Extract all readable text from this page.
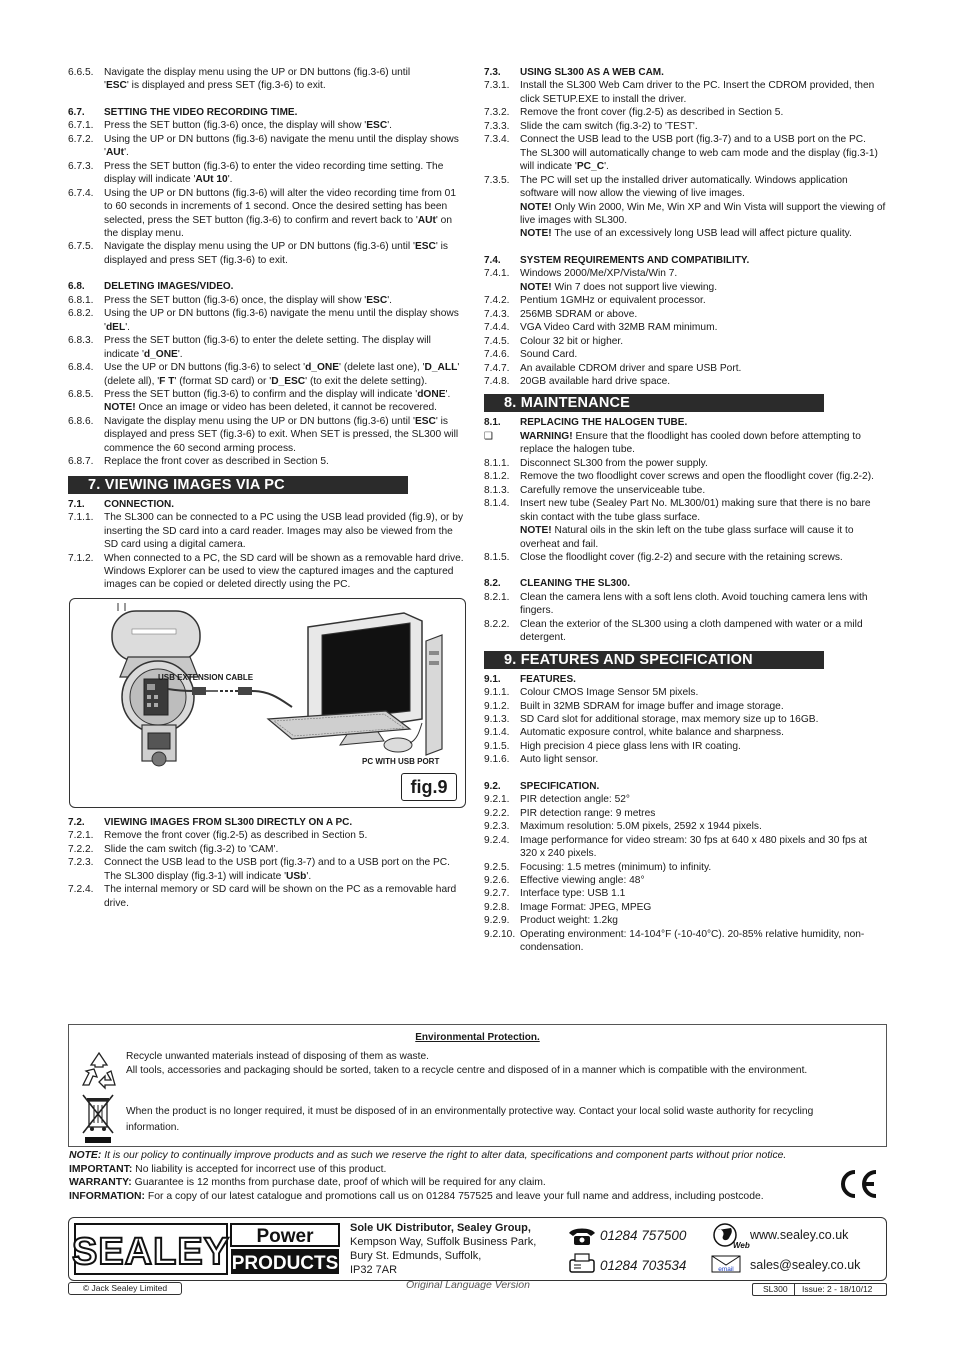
6.6.5.	Navigate the display menu using the UP or DN buttons (fig.3-6) until
'ESC' is displayed and press SET (fig.3-6) to exit.
6.7.	SETTING THE VIDEO RECORDING TIME.
6.7.1.	Press the SET button (fig.3-6) once, the display will show 'ESC'.
6.7.2.	Using the UP or DN buttons (fig.3-6) navigate the menu until the display shows 'AUt'.
6.7.3.	Press the SET button (fig.3-6) to enter the video recording time setting. The display will indicate 'AUt 10'.
6.7.4.	Using the UP or DN buttons (fig.3-6) will alter the video recording time from 01 to 60 seconds in increments of 1 second. Once the desired setting has been selected, press the SET button (fig.3-6) to confirm and revert back to 'AUt' on the display menu.
6.7.5.	Navigate the display menu using the UP or DN buttons (fig.3-6) until 'ESC' is displayed and press SET (fig.3-6) to exit.
6.8.	DELETING IMAGES/VIDEO.
6.8.1.	Press the SET button (fig.3-6) once, the display will show 'ESC'.
6.8.2.	Using the UP or DN buttons (fig.3-6) navigate the menu until the display shows 'dEL'.
6.8.3.	Press the SET button (fig.3-6) to enter the delete setting. The display will indicate 'd_ONE'.
6.8.4.	Use the UP or DN buttons (fig.3-6) to select 'd_ONE' (delete last one), 'D_ALL' (delete all), 'F T' (format SD card) or 'D_ESC' (to exit the delete setting).
6.8.5.	Press the SET button (fig.3-6) to confirm and the display will indicate 'dONE'.
NOTE! Once an image or video has been deleted, it cannot be recovered.
6.8.6.	Navigate the display menu using the UP or DN buttons (fig.3-6) until 'ESC' is displayed and press SET (fig.3-6) to exit. When SET is pressed, the SL300 will commence the 60 second arming process.
6.8.7.	Replace the front cover as described in Section 5.
7. VIEWING IMAGES VIA PC
7.1.	CONNECTION.
7.1.1.	The SL300 can be connected to a PC using the USB lead provided (fig.9), or by inserting the SD card into a card reader. Images may also be viewed from the SD card using a digital camera.
7.1.2.	When connected to a PC, the SD card will be shown as a removable hard drive. Windows Explorer can be used to view the captured images and the captured images can be copied or deleted directly using the PC.
USB EXTENSION CABLE
PC WITH USB PORT
fig.9
7.2.	VIEWING IMAGES FROM SL300 DIRECTLY ON A PC.
7.2.1.	Remove the front cover (fig.2-5) as described in Section 5.
7.2.2.	Slide the cam switch (fig.3-2) to 'CAM'.
7.2.3.	Connect the USB lead to the USB port (fig.3-7) and to a USB port on the PC. The SL300 display (fig.3-1) will indicate 'USb'.
7.2.4.	The internal memory or SD card will be shown on the PC as a removable hard drive.
7.3.	USING SL300 AS A WEB CAM.
7.3.1.	Install the SL300 Web Cam driver to the PC. Insert the CDROM provided, then click SETUP.EXE to install the driver.
7.3.2.	Remove the front cover (fig.2-5) as described in Section 5.
7.3.3.	Slide the cam switch (fig.3-2) to 'TEST'.
7.3.4.	Connect the USB lead to the USB port (fig.3-7) and to a USB port on the PC. The SL300 will automatically change to web cam mode and the display (fig.3-1) will indicate 'PC_C'.
7.3.5.	The PC will set up the installed driver automatically. Windows application software will now allow the viewing of live images.
NOTE! Only Win 2000, Win Me, Win XP and Win Vista will support the viewing of live images with SL300.
NOTE! The use of an excessively long USB lead will affect picture quality.
7.4.	SYSTEM REQUIREMENTS AND COMPATIBILITY.
7.4.1.	Windows 2000/Me/XP/Vista/Win 7.
NOTE! Win 7 does not support live viewing.
7.4.2.	Pentium 1GMHz or equivalent processor.
7.4.3.	256MB SDRAM or above.
7.4.4.	VGA Video Card with 32MB RAM minimum.
7.4.5.	Colour 32 bit or higher.
7.4.6.	Sound Card.
7.4.7.	An available CDROM driver and spare USB Port.
7.4.8.	20GB available hard drive space.
8. MAINTENANCE
8.1.	REPLACING THE HALOGEN TUBE.
❑	WARNING! Ensure that the floodlight has cooled down before attempting to replace the halogen tube.
8.1.1.	Disconnect SL300 from the power supply.
8.1.2.	Remove the two floodlight cover screws and open the floodlight cover (fig.2-2).
8.1.3.	Carefully remove the unserviceable tube.
8.1.4.	Insert new tube (Sealey Part No. ML300/01) making sure that there is no bare skin contact with the tube glass surface.
NOTE! Natural oils in the skin left on the tube glass surface will cause it to overheat and fail.
8.1.5.	Close the floodlight cover (fig.2-2) and secure with the retaining screws.
8.2.	CLEANING THE SL300.
8.2.1.	Clean the camera lens with a soft lens cloth. Avoid touching camera lens with fingers.
8.2.2.	Clean the exterior of the SL300 using a cloth dampened with water or a mild detergent.
9. FEATURES AND SPECIFICATION
9.1.	FEATURES.
9.1.1.	Colour CMOS Image Sensor 5M pixels.
9.1.2.	Built in 32MB SDRAM for image buffer and image storage.
9.1.3.	SD Card slot for additional storage, max memory size up to 16GB.
9.1.4.	Automatic exposure control, white balance and sharpness.
9.1.5.	High precision 4 piece glass lens with IR coating.
9.1.6.	Auto light sensor.
9.2.	SPECIFICATION.
9.2.1.	PIR detection angle: 52°
9.2.2.	PIR detection range: 9 metres
9.2.3.	Maximum resolution: 5.0M pixels, 2592 x 1944 pixels.
9.2.4.	Image performance for video stream: 30 fps at 640 x 480 pixels and 30 fps at 320 x 240 pixels.
9.2.5.	Focusing: 1.5 metres (minimum) to infinity.
9.2.6.	Effective viewing angle: 48°
9.2.7.	Interface type: USB 1.1
9.2.8.	Image Format: JPEG, MPEG
9.2.9.	Product weight: 1.2kg
9.2.10. Operating environment: 14-104°F (-10-40°C). 20-85% relative humidity, non-condensation.
Environmental Protection.
Recycle unwanted materials instead of disposing of them as waste.
All tools, accessories and packaging should be sorted, taken to a recycle centre and disposed of in a manner which is compatible with the environment.
When the product is no longer required, it must be disposed of in an environmentally protective way. Contact your local solid waste authority for recycling information.
NOTE: It is our policy to continually improve products and as such we reserve the right to alter data, specifications and component parts without prior notice.
IMPORTANT: No liability is accepted for incorrect use of this product.
WARRANTY: Guarantee is 12 months from purchase date, proof of which will be required for any claim.
INFORMATION: For a copy of our latest catalogue and promotions call us on 01284 757525 and leave your full name and address, including postcode.
SEALEY Power
PRODUCTS
Sole UK Distributor, Sealey Group,
Kempson Way, Suffolk Business Park,
Bury St. Edmunds, Suffolk,
IP32 7AR
01284 757500
01284 703534
Web
www.sealey.co.uk
email sales@sealey.co.uk
© Jack Sealey Limited	Original Language Version	SL300 Issue: 2 - 18/10/12
